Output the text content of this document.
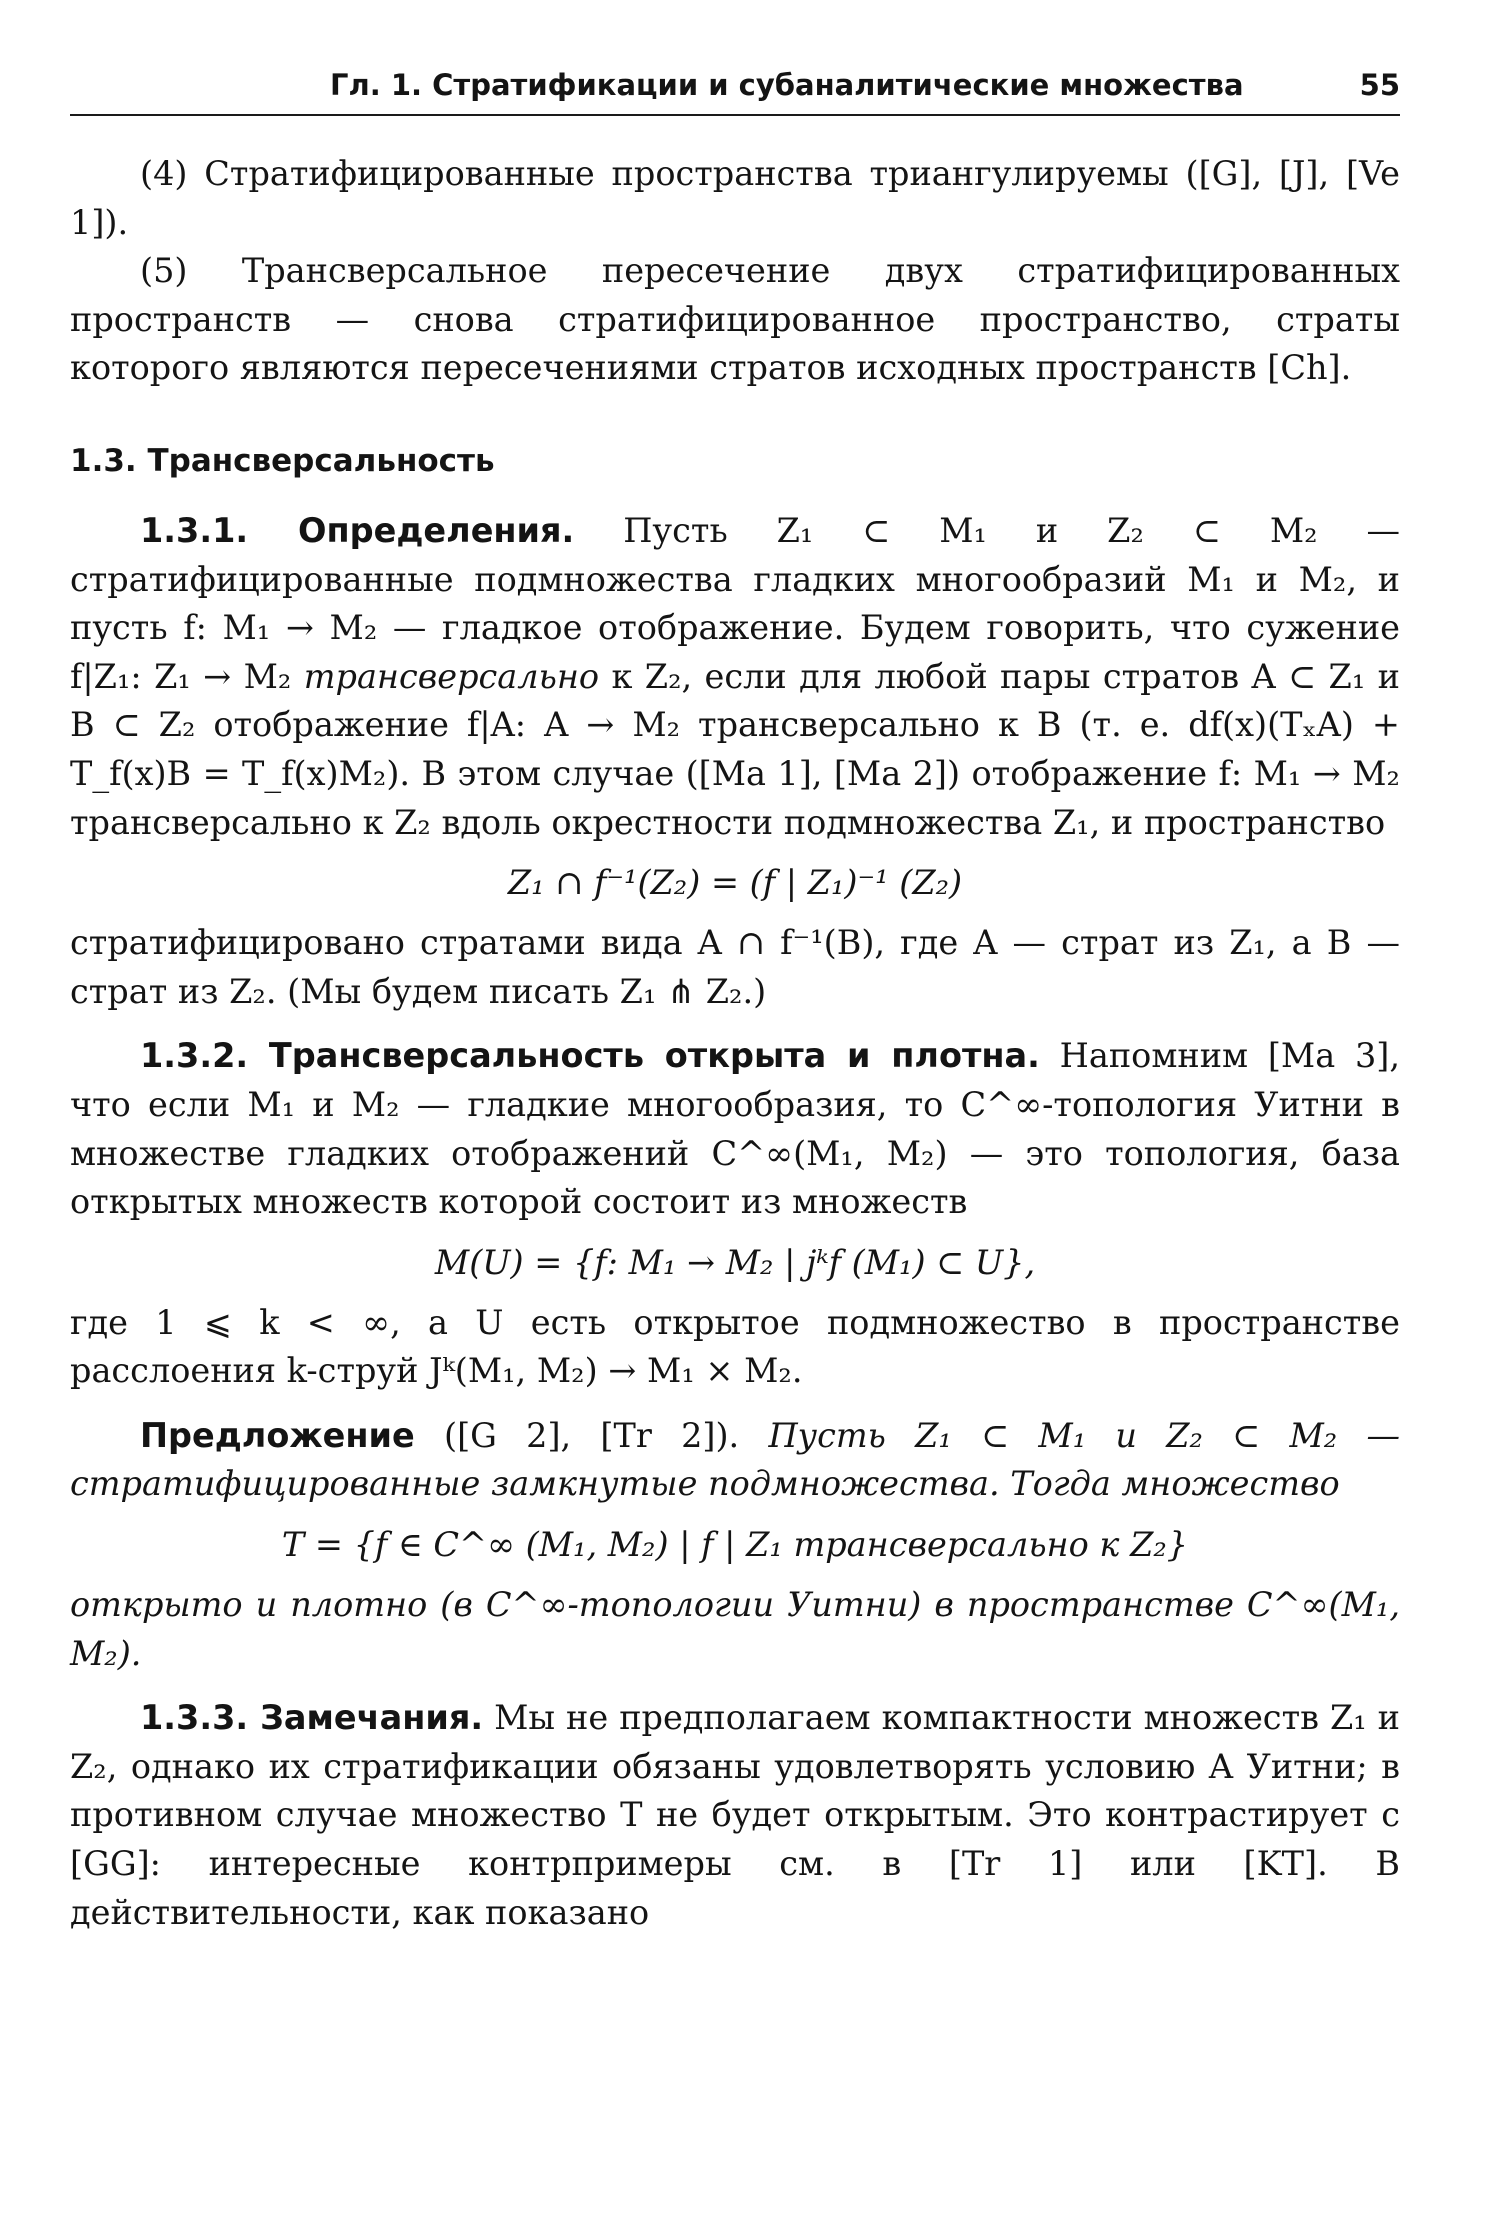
Гл. 1. Стратификации и субаналитические множества	55

(4) Стратифицированные пространства триангулируемы ([G], [J], [Ve 1]).

(5) Трансверсальное пересечение двух стратифицированных пространств — снова стратифицированное пространство, страты которого являются пересечениями стратов исходных пространств [Ch].

1.3. Трансверсальность

1.3.1. Определения. Пусть Z₁ ⊂ M₁ и Z₂ ⊂ M₂ — стратифицированные подмножества гладких многообразий M₁ и M₂, и пусть f: M₁ → M₂ — гладкое отображение. Будем говорить, что сужение f|Z₁: Z₁ → M₂ трансверсально к Z₂, если для любой пары стратов A ⊂ Z₁ и B ⊂ Z₂ отображение f|A: A → M₂ трансверсально к B (т. е. df(x)(TₓA) + T_f(x)B = T_f(x)M₂). В этом случае ([Ma 1], [Ma 2]) отображение f: M₁ → M₂ трансверсально к Z₂ вдоль окрестности подмножества Z₁, и пространство

Z₁ ∩ f⁻¹(Z₂) = (f | Z₁)⁻¹ (Z₂)

стратифицировано стратами вида A ∩ f⁻¹(B), где A — страт из Z₁, а B — страт из Z₂. (Мы будем писать Z₁ ⋔ Z₂.)

1.3.2. Трансверсальность открыта и плотна. Напомним [Ma 3], что если M₁ и M₂ — гладкие многообразия, то C^∞-топология Уитни в множестве гладких отображений C^∞(M₁, M₂) — это топология, база открытых множеств которой состоит из множеств

M(U) = {f: M₁ → M₂ | jᵏf (M₁) ⊂ U},

где 1 ⩽ k < ∞, а U есть открытое подмножество в пространстве расслоения k-струй Jᵏ(M₁, M₂) → M₁ × M₂.

Предложение ([G 2], [Tr 2]). Пусть Z₁ ⊂ M₁ и Z₂ ⊂ M₂ — стратифицированные замкнутые подмножества. Тогда множество

T = {f ∈ C^∞ (M₁, M₂) | f | Z₁ трансверсально к Z₂}

открыто и плотно (в C^∞-топологии Уитни) в пространстве C^∞(M₁, M₂).

1.3.3. Замечания. Мы не предполагаем компактности множеств Z₁ и Z₂, однако их стратификации обязаны удовлетворять условию A Уитни; в противном случае множество T не будет открытым. Это контрастирует с [GG]: интересные контрпримеры см. в [Tr 1] или [KT]. В действительности, как показано
